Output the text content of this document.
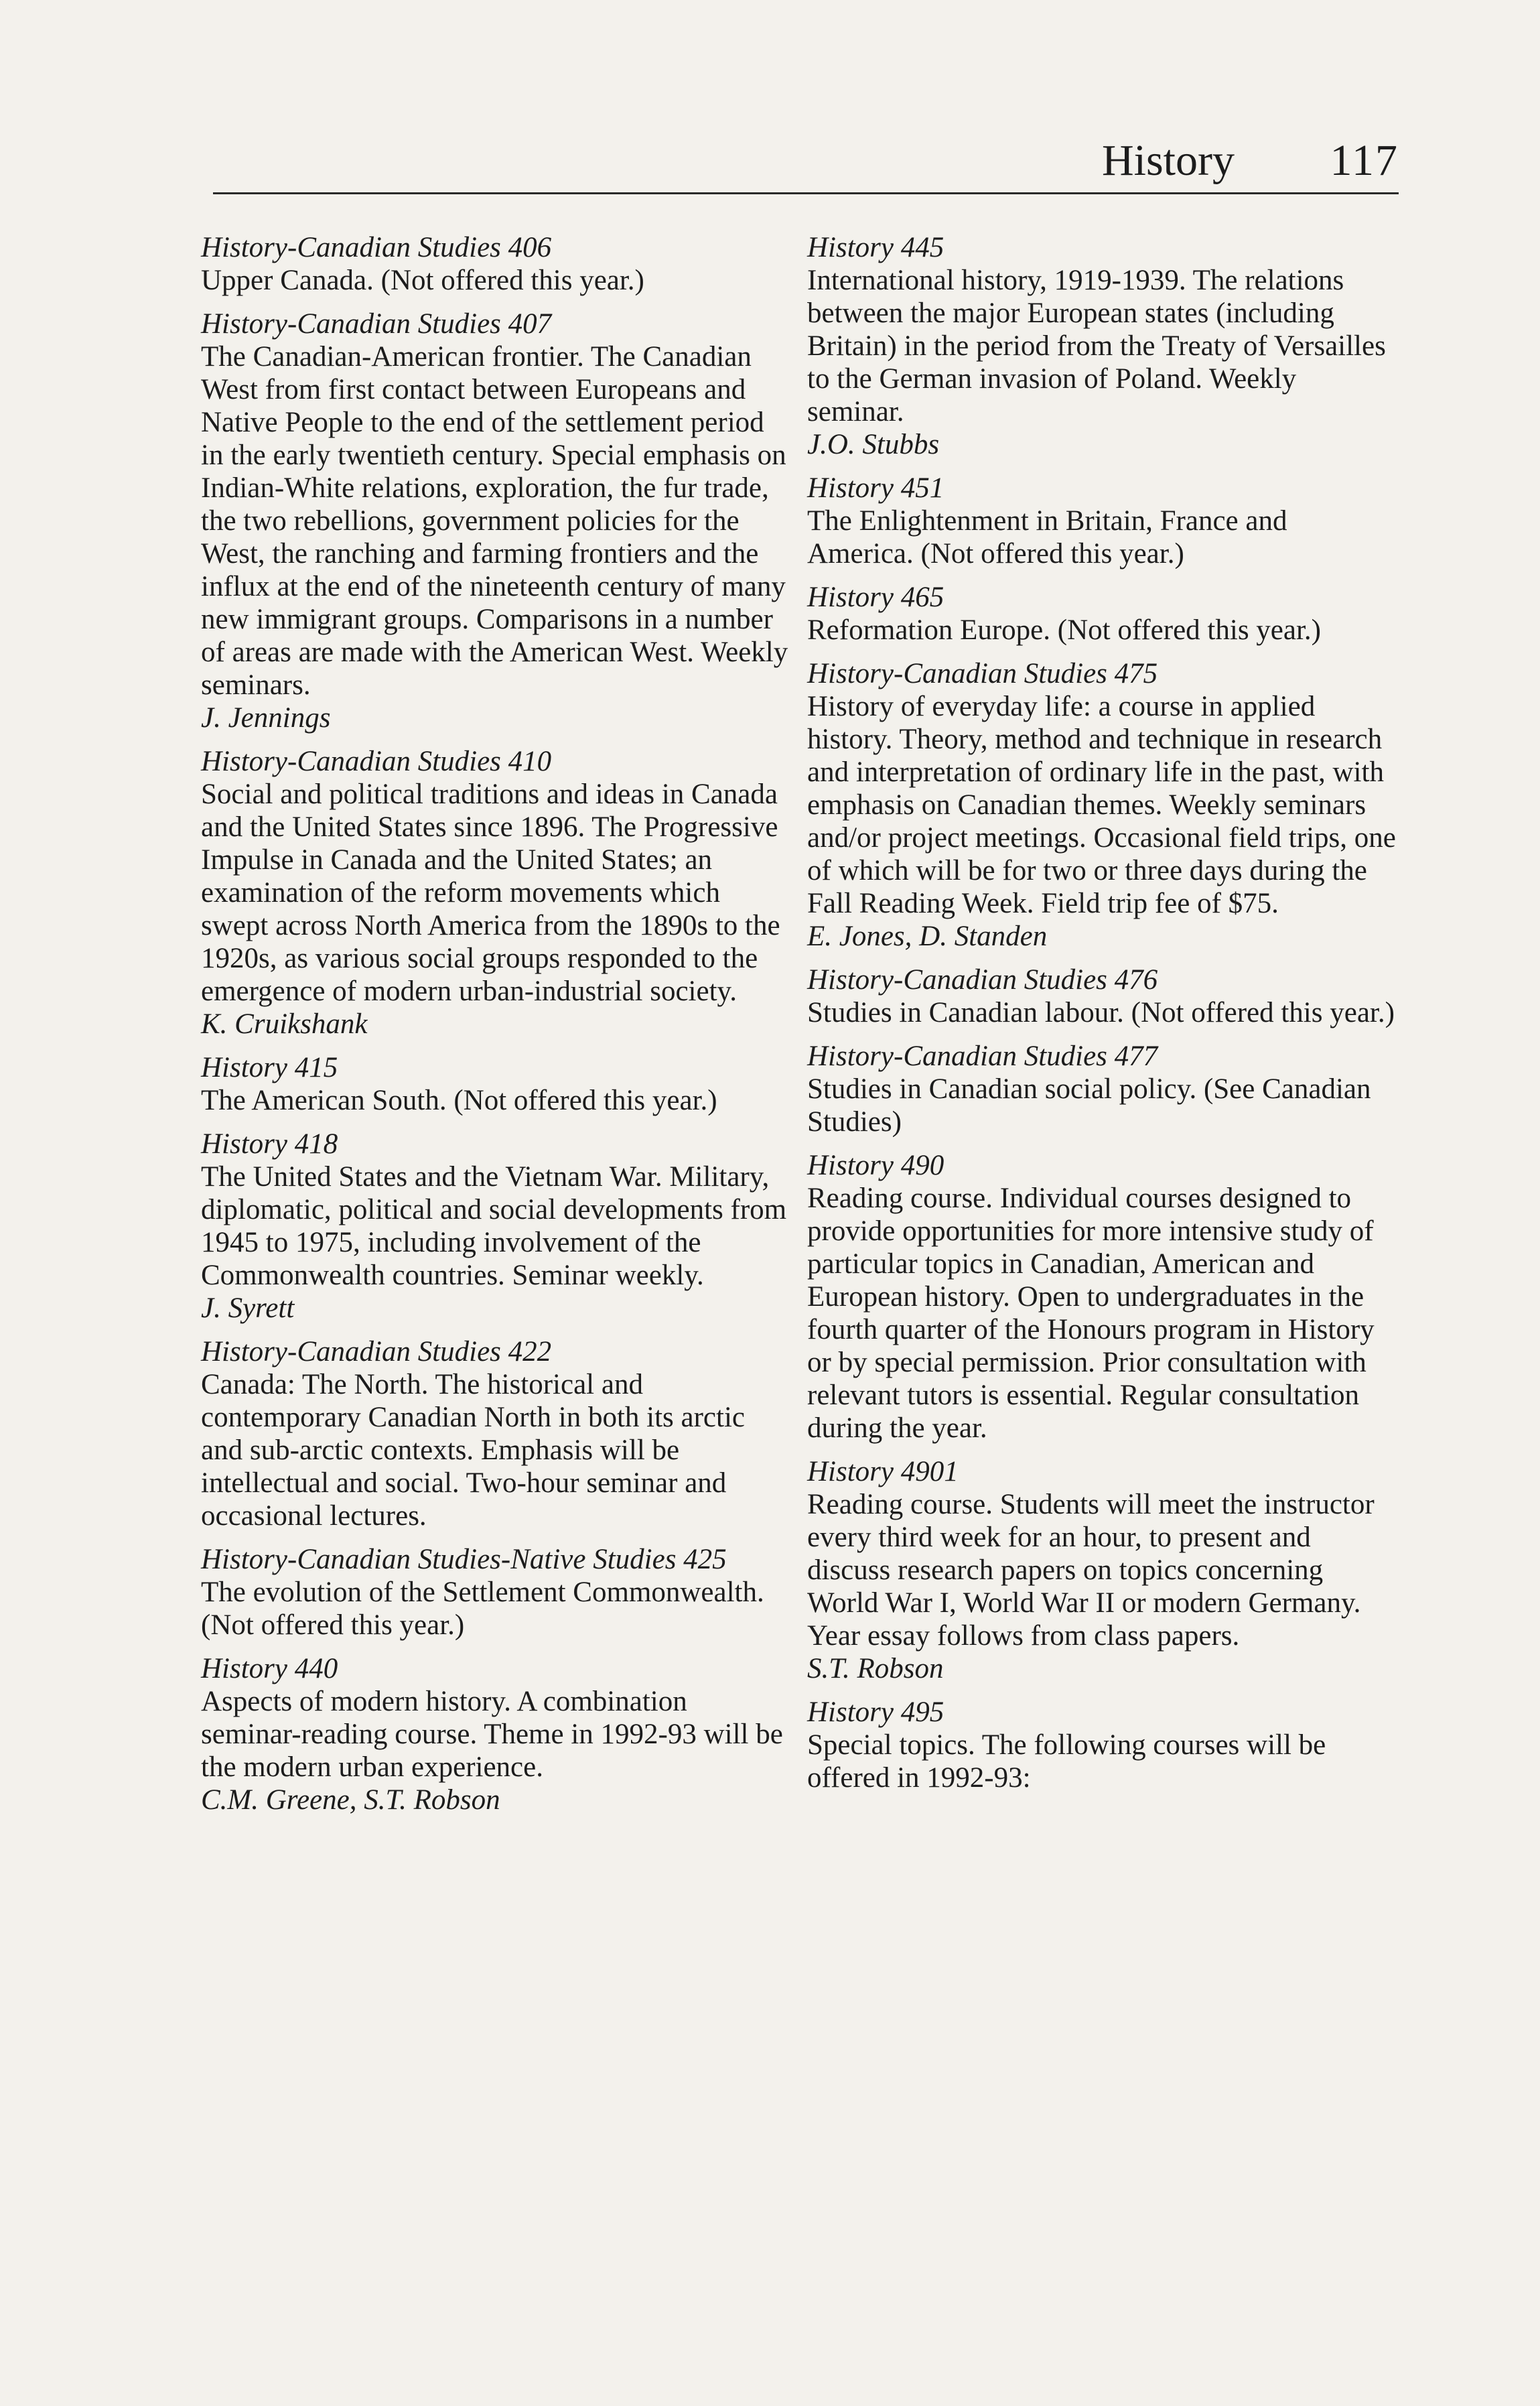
History 117
History-Canadian Studies 406
Upper Canada. (Not offered this year.)
History-Canadian Studies 407
The Canadian-American frontier. The Canadian West from first contact between Europeans and Native People to the end of the settlement period in the early twentieth century. Special emphasis on Indian-White relations, exploration, the fur trade, the two rebellions, government policies for the West, the ranching and farming frontiers and the influx at the end of the nineteenth century of many new immigrant groups. Comparisons in a number of areas are made with the American West. Weekly seminars.
J. Jennings
History-Canadian Studies 410
Social and political traditions and ideas in Canada and the United States since 1896. The Progressive Impulse in Canada and the United States; an examination of the reform movements which swept across North America from the 1890s to the 1920s, as various social groups responded to the emergence of modern urban-industrial society.
K. Cruikshank
History 415
The American South. (Not offered this year.)
History 418
The United States and the Vietnam War. Military, diplomatic, political and social developments from 1945 to 1975, including involvement of the Commonwealth countries. Seminar weekly.
J. Syrett
History-Canadian Studies 422
Canada: The North. The historical and contemporary Canadian North in both its arctic and sub-arctic contexts. Emphasis will be intellectual and social. Two-hour seminar and occasional lectures.
History-Canadian Studies-Native Studies 425
The evolution of the Settlement Commonwealth. (Not offered this year.)
History 440
Aspects of modern history. A combination seminar-reading course. Theme in 1992-93 will be the modern urban experience.
C.M. Greene, S.T. Robson
History 445
International history, 1919-1939. The relations between the major European states (including Britain) in the period from the Treaty of Versailles to the German invasion of Poland. Weekly seminar.
J.O. Stubbs
History 451
The Enlightenment in Britain, France and America. (Not offered this year.)
History 465
Reformation Europe. (Not offered this year.)
History-Canadian Studies 475
History of everyday life: a course in applied history. Theory, method and technique in research and interpretation of ordinary life in the past, with emphasis on Canadian themes. Weekly seminars and/or project meetings. Occasional field trips, one of which will be for two or three days during the Fall Reading Week. Field trip fee of $75.
E. Jones, D. Standen
History-Canadian Studies 476
Studies in Canadian labour. (Not offered this year.)
History-Canadian Studies 477
Studies in Canadian social policy. (See Canadian Studies)
History 490
Reading course. Individual courses designed to provide opportunities for more intensive study of particular topics in Canadian, American and European history. Open to undergraduates in the fourth quarter of the Honours program in History or by special permission. Prior consultation with relevant tutors is essential. Regular consultation during the year.
History 4901
Reading course. Students will meet the instructor every third week for an hour, to present and discuss research papers on topics concerning World War I, World War II or modern Germany. Year essay follows from class papers.
S.T. Robson
History 495
Special topics. The following courses will be offered in 1992-93:
